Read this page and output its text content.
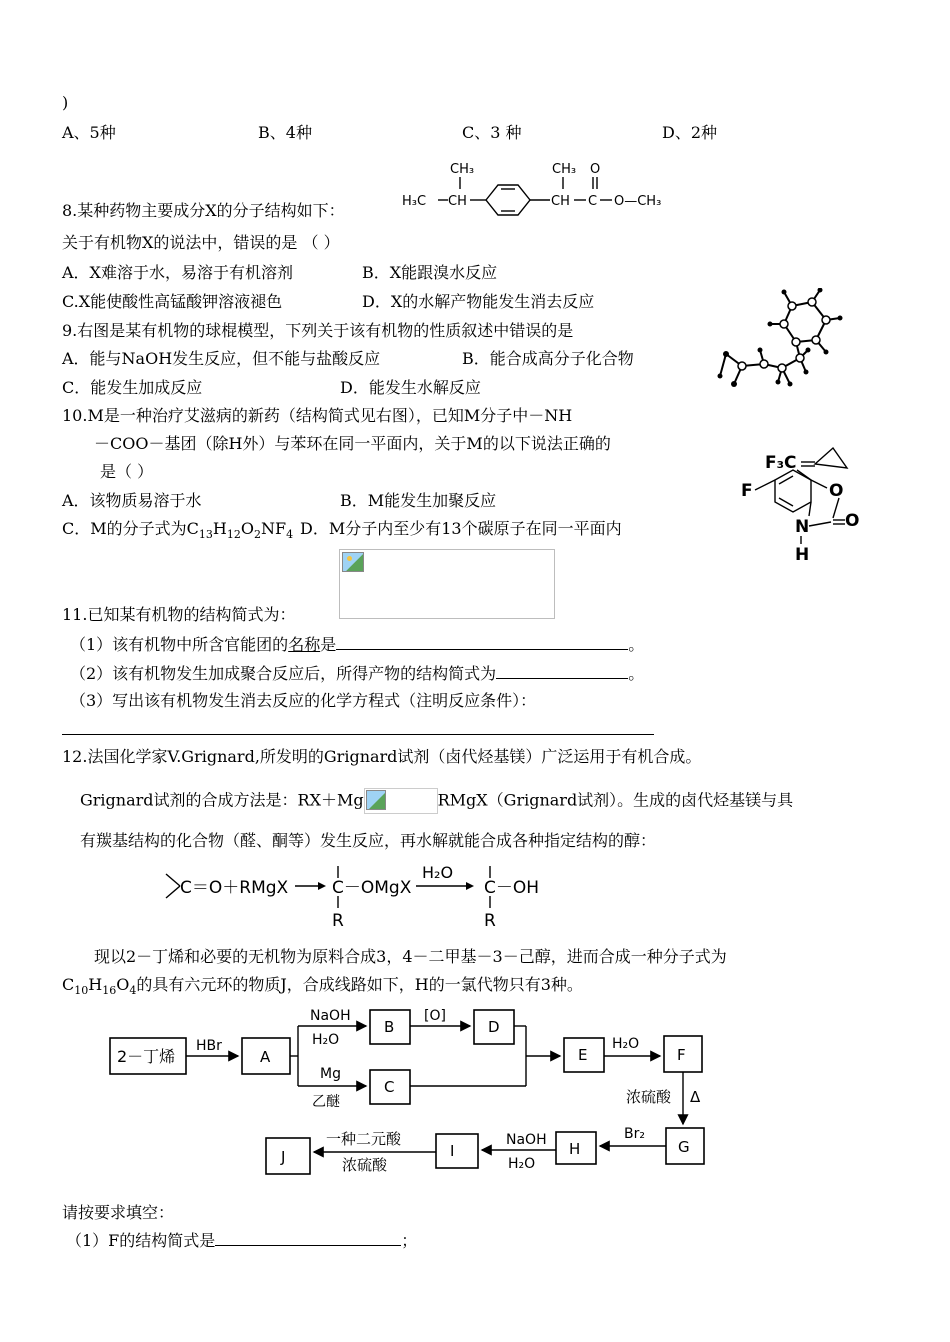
)
A、5种	B、4种	C、3 种	D、2种
8.某种药物主要成分X的分子结构如下：
CH₃
H₃C CH
CH₃
CH C
O
O—CH₃
关于有机物X的说法中，错误的是 （ ）
A．X难溶于水，易溶于有机溶剂	B．X能跟溴水反应
C.X能使酸性高锰酸钾溶液褪色	D．X的水解产物能发生消去反应
9.右图是某有机物的球棍模型，下列关于该有机物的性质叙述中错误的是
A．能与NaOH发生反应，但不能与盐酸反应	B．能合成高分子化合物
C．能发生加成反应	D．能发生水解反应
10.M是一种治疗艾滋病的新药（结构简式见右图），已知M分子中－NH
－COO－基团（除H外）与苯环在同一平面内，关于M的以下说法正确的
是（ ）
A．该物质易溶于水	B．M能发生加聚反应
C．M的分子式为$C_{13}H_{12}O_2NF_4$ D．M分子内至少有13个碳原子在同一平面内
F₃C
F	O
O
N
H
11.已知某有机物的结构简式为：
（1）该有机物中所含官能团的名称是	。
（2）该有机物发生加成聚合反应后，所得产物的结构简式为	。
（3）写出该有机物发生消去反应的化学方程式（注明反应条件）：
12.法国化学家V.Grignard,所发明的Grignard试剂（卤代烃基镁）广泛运用于有机合成。
Grignard试剂的合成方法是：RX＋Mg	RMgX（Grignard试剂）。生成的卤代烃基镁与具
有羰基结构的化合物（醛、酮等）发生反应，再水解就能合成各种指定结构的醇：
C＝O＋RMgX	C－OMgX
R
H₂O
C－OH
R
现以2－丁烯和必要的无机物为原料合成3，4－二甲基－3－己醇，进而合成一种分子式为
$C_{10}H_{16}O_4$的具有六元环的物质J，合成线路如下，H的一氯代物只有3种。
2－丁烯
HBr
A
NaOH
H₂O
Mg
乙醚
B
[O]
D
C
E
H₂O
F
浓硫酸 Δ
G
Br₂
H
NaOH
H₂O
I
一种二元酸
浓硫酸
J
请按要求填空：
（1）F的结构简式是	；
